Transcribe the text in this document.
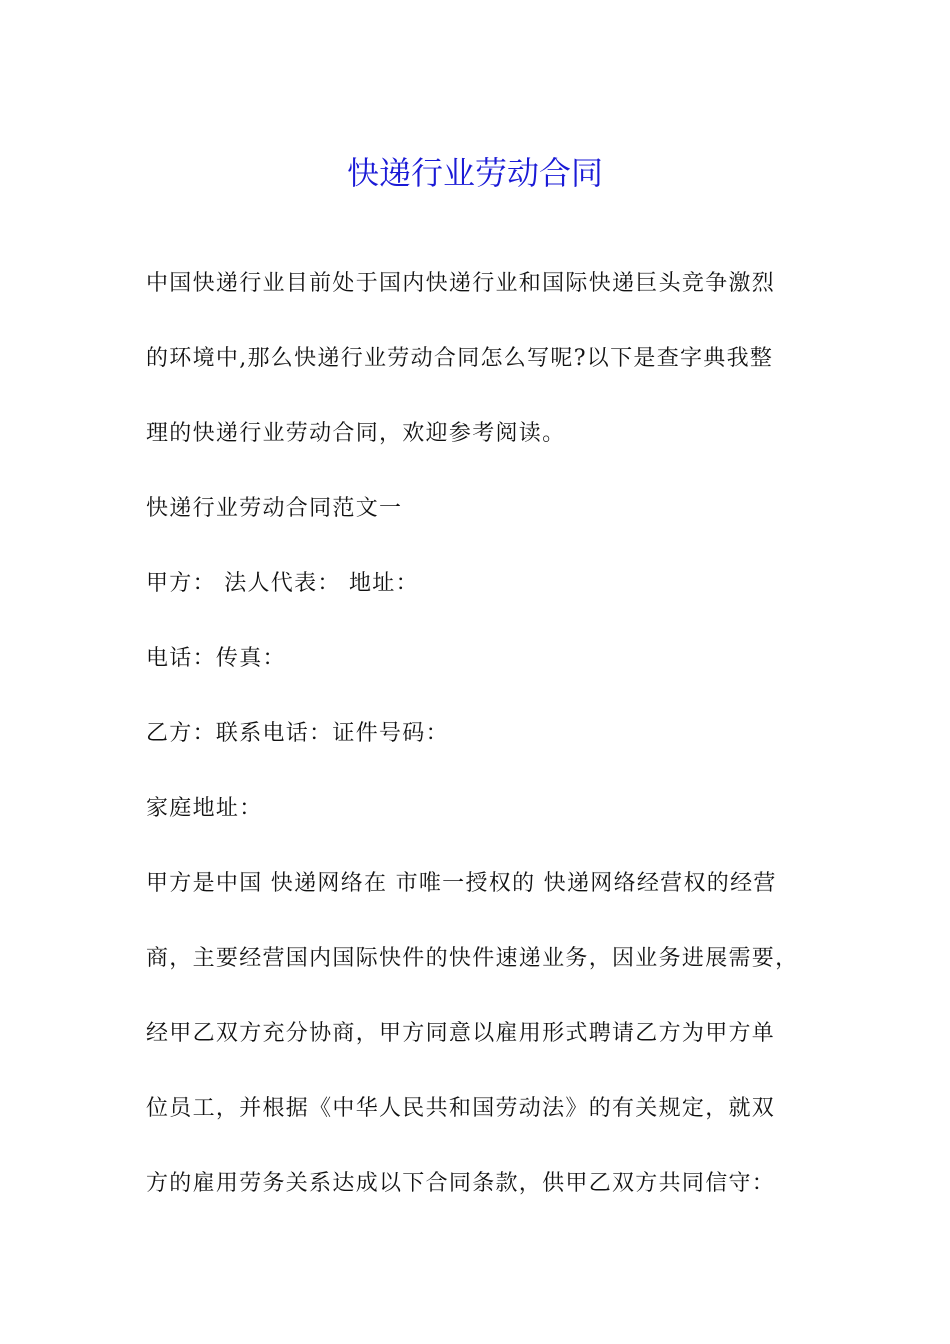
快递行业劳动合同
中国快递行业目前处于国内快递行业和国际快递巨头竞争激烈
的环境中,那么快递行业劳动合同怎么写呢?以下是查字典我整
理的快递行业劳动合同，欢迎参考阅读。
快递行业劳动合同范文一
甲方： 法人代表： 地址：
电话：传真：
乙方：联系电话：证件号码：
家庭地址：
甲方是中国 快递网络在 市唯一授权的 快递网络经营权的经营
商，主要经营国内国际快件的快件速递业务，因业务进展需要，
经甲乙双方充分协商，甲方同意以雇用形式聘请乙方为甲方单
位员工，并根据《中华人民共和国劳动法》的有关规定，就双
方的雇用劳务关系达成以下合同条款，供甲乙双方共同信守：
